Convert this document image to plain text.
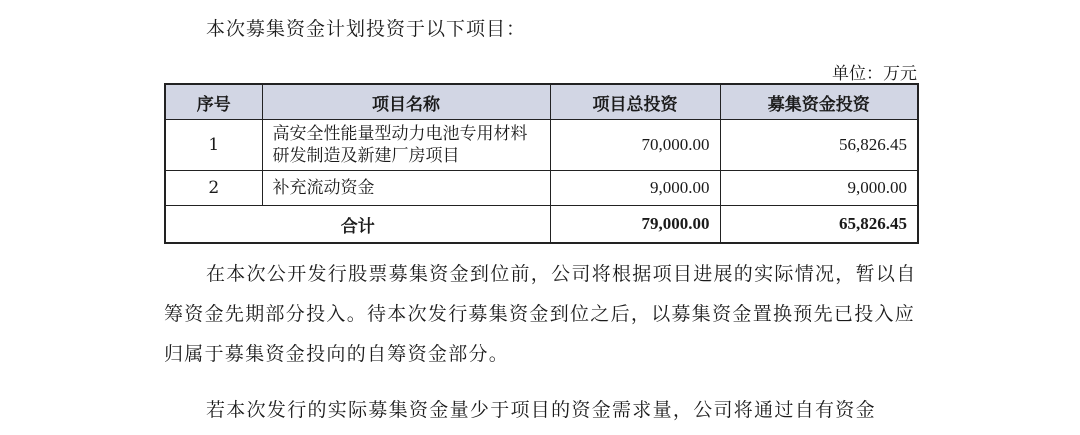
本次募集资金计划投资于以下项目：
单位：万元
序号	项目名称	项目总投资	募集资金投资
1	高安全性能量型动力电池专用材料研发制造及新建厂房项目	70,000.00	56,826.45
2	补充流动资金	9,000.00	9,000.00
合计		79,000.00	65,826.45
在本次公开发行股票募集资金到位前，公司将根据项目进展的实际情况，暂以自筹资金先期部分投入。待本次发行募集资金到位之后，以募集资金置换预先已投入应归属于募集资金投向的自筹资金部分。
若本次发行的实际募集资金量少于项目的资金需求量，公司将通过自有资金
